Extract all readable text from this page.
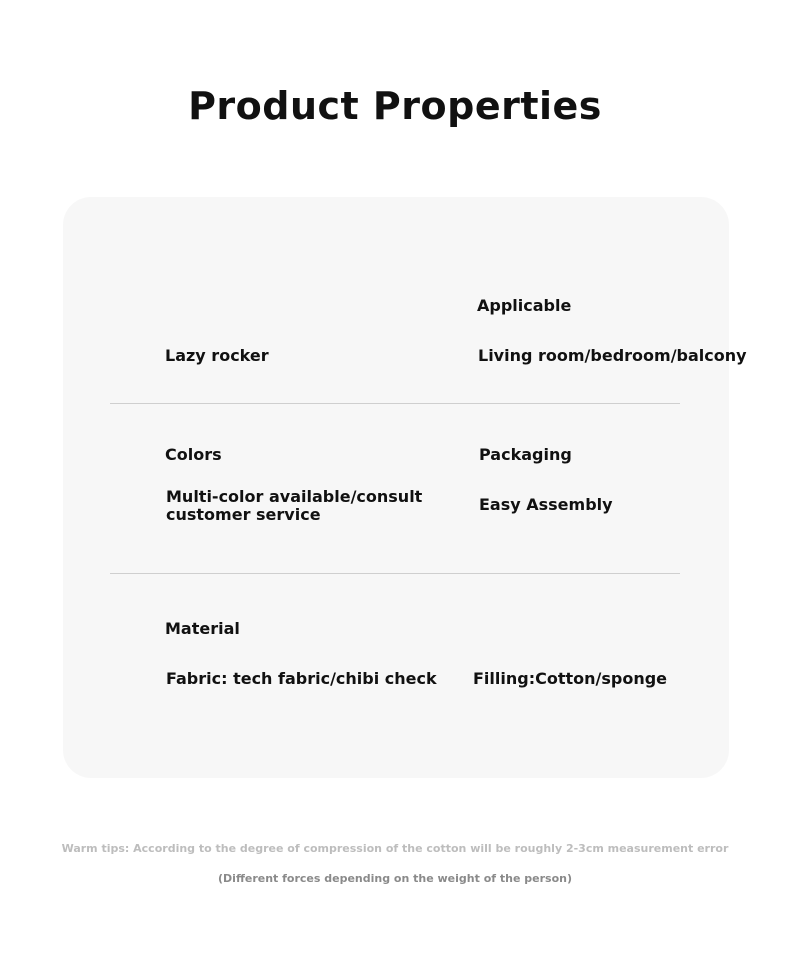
Product Properties
Lazy rocker
Applicable
Living room/bedroom/balcony
Colors
Multi-color available/consult customer service
Packaging
Easy Assembly
Material
Fabric: tech fabric/chibi check Filling:Cotton/sponge
Warm tips: According to the degree of compression of the cotton will be roughly 2-3cm measurement error
(Different forces depending on the weight of the person)
